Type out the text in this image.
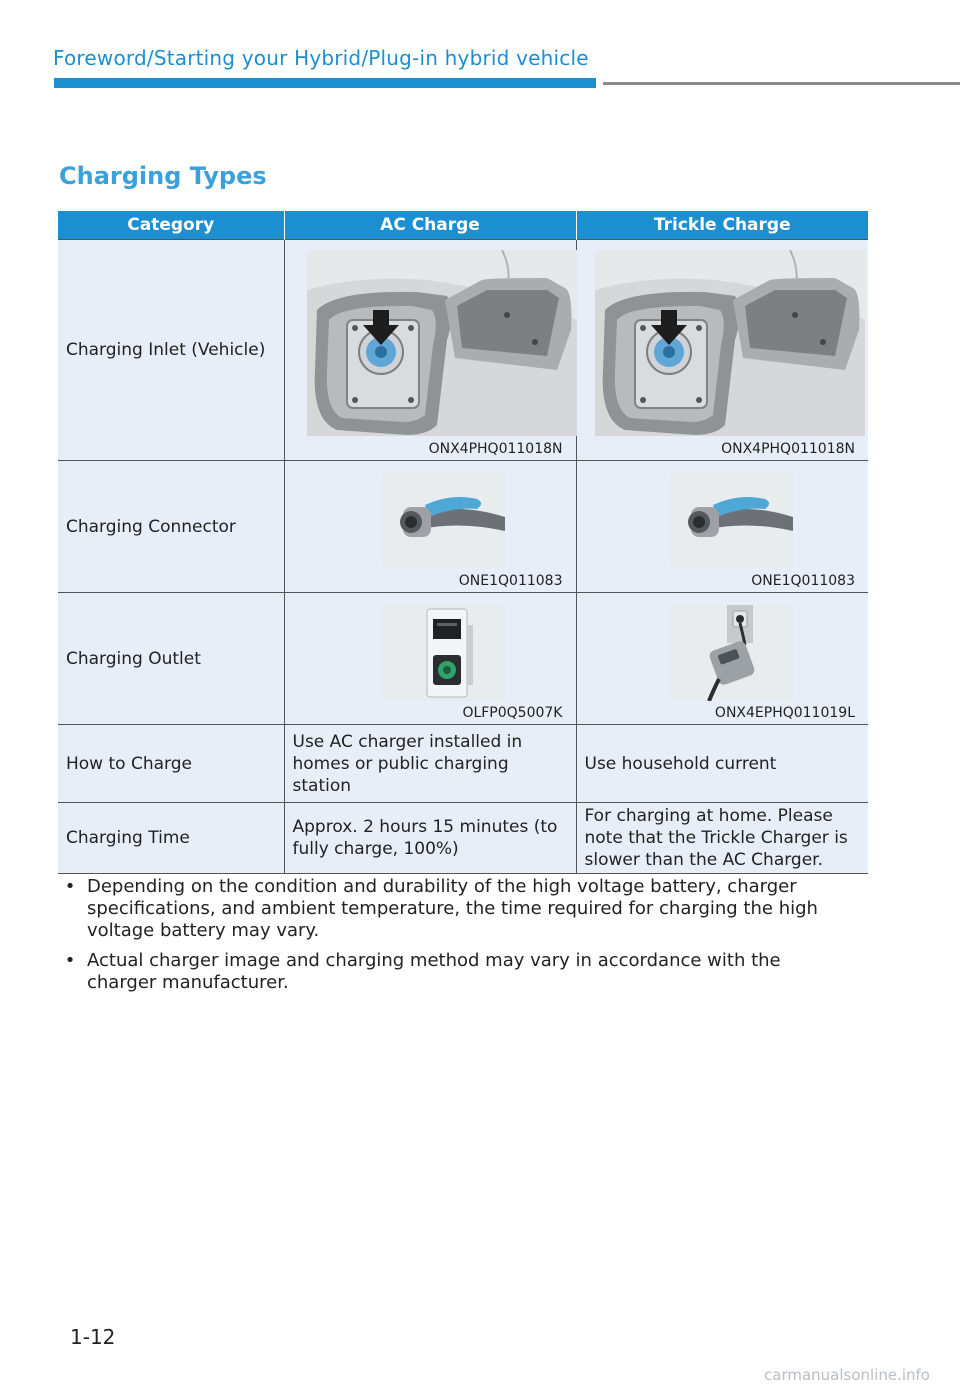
Foreword/Starting your Hybrid/Plug-in hybrid vehicle
Charging Types
Category	AC Charge	Trickle Charge
Charging Inlet (Vehicle)	ONX4PHQ011018N	ONX4PHQ011018N

Charging Connector	ONE1Q011083	ONE1Q011083

Charging Outlet	OLFP0Q5007K	ONX4EPHQ011019L

How to Charge	Use AC charger installed in homes or public charging station	Use household current
Charging Time	Approx. 2 hours 15 minutes (to fully charge, 100%)	For charging at home. Please note that the Trickle Charger is slower than the AC Charger.
• Depending on the condition and durability of the high voltage battery, charger specifications, and ambient temperature, the time required for charging the high voltage battery may vary.
• Actual charger image and charging method may vary in accordance with the charger manufacturer.
1-12
carmanualsonline.info
